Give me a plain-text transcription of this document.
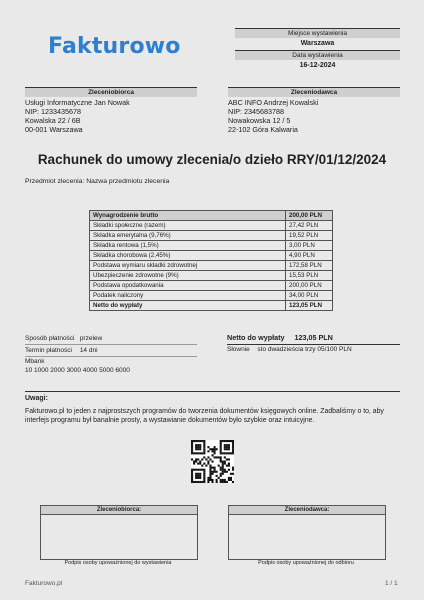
Fakturowo
Miejsce wystawienia
Warszawa
Data wystawienia
16-12-2024
Zleceniobiorca
Usługi Informatyczne Jan Nowak
NIP: 1233435678
Kowalska 22 / 6B
00-001 Warszawa
Zleceniodawca
ABC INFO Andrzej Kowalski
NIP: 2345683788
Nowakowska 12 / 5
22-102 Góra Kalwaria
Rachunek do umowy zlecenia/o dzieło RRY/01/12/2024
Przedmiot zlecenia: Nazwa przedmiotu zlecenia
Wynagrodzenie brutto	200,00 PLN
Składki społeczne (razem)	27,42 PLN
Składka emerytalna (9,76%)	19,52 PLN
Składka rentowa (1,5%)	3,00 PLN
Składka chorobowa (2,45%)	4,90 PLN
Podstawa wymiaru składki zdrowotnej	172,58 PLN
Ubezpieczenie zdrowotne (9%)	15,53 PLN
Podstawa opodatkowania	200,00 PLN
Podatek naliczony	34,00 PLN
Netto do wypłaty	123,05 PLN
Sposób płatności przelew
Termin płatności 14 dni
Mbank
10 1000 2000 3000 4000 5000 6000
Netto do wypłaty 123,05 PLN
Słownie sto dwadzieścia trzy 05/100 PLN
Uwagi:
Fakturowo.pl to jeden z najprostszych programów do tworzenia dokumentów księgowych online. Zadbaliśmy o to, aby interfejs programu był banalnie prosty, a wystawianie dokumentów było szybkie oraz intuicyjne.
Zleceniobiorca:	Zleceniodawca:
Podpis osoby upoważnionej do wystawienia	Podpis osoby upoważnionej do odbioru
Fakturowo.pl	1 / 1
